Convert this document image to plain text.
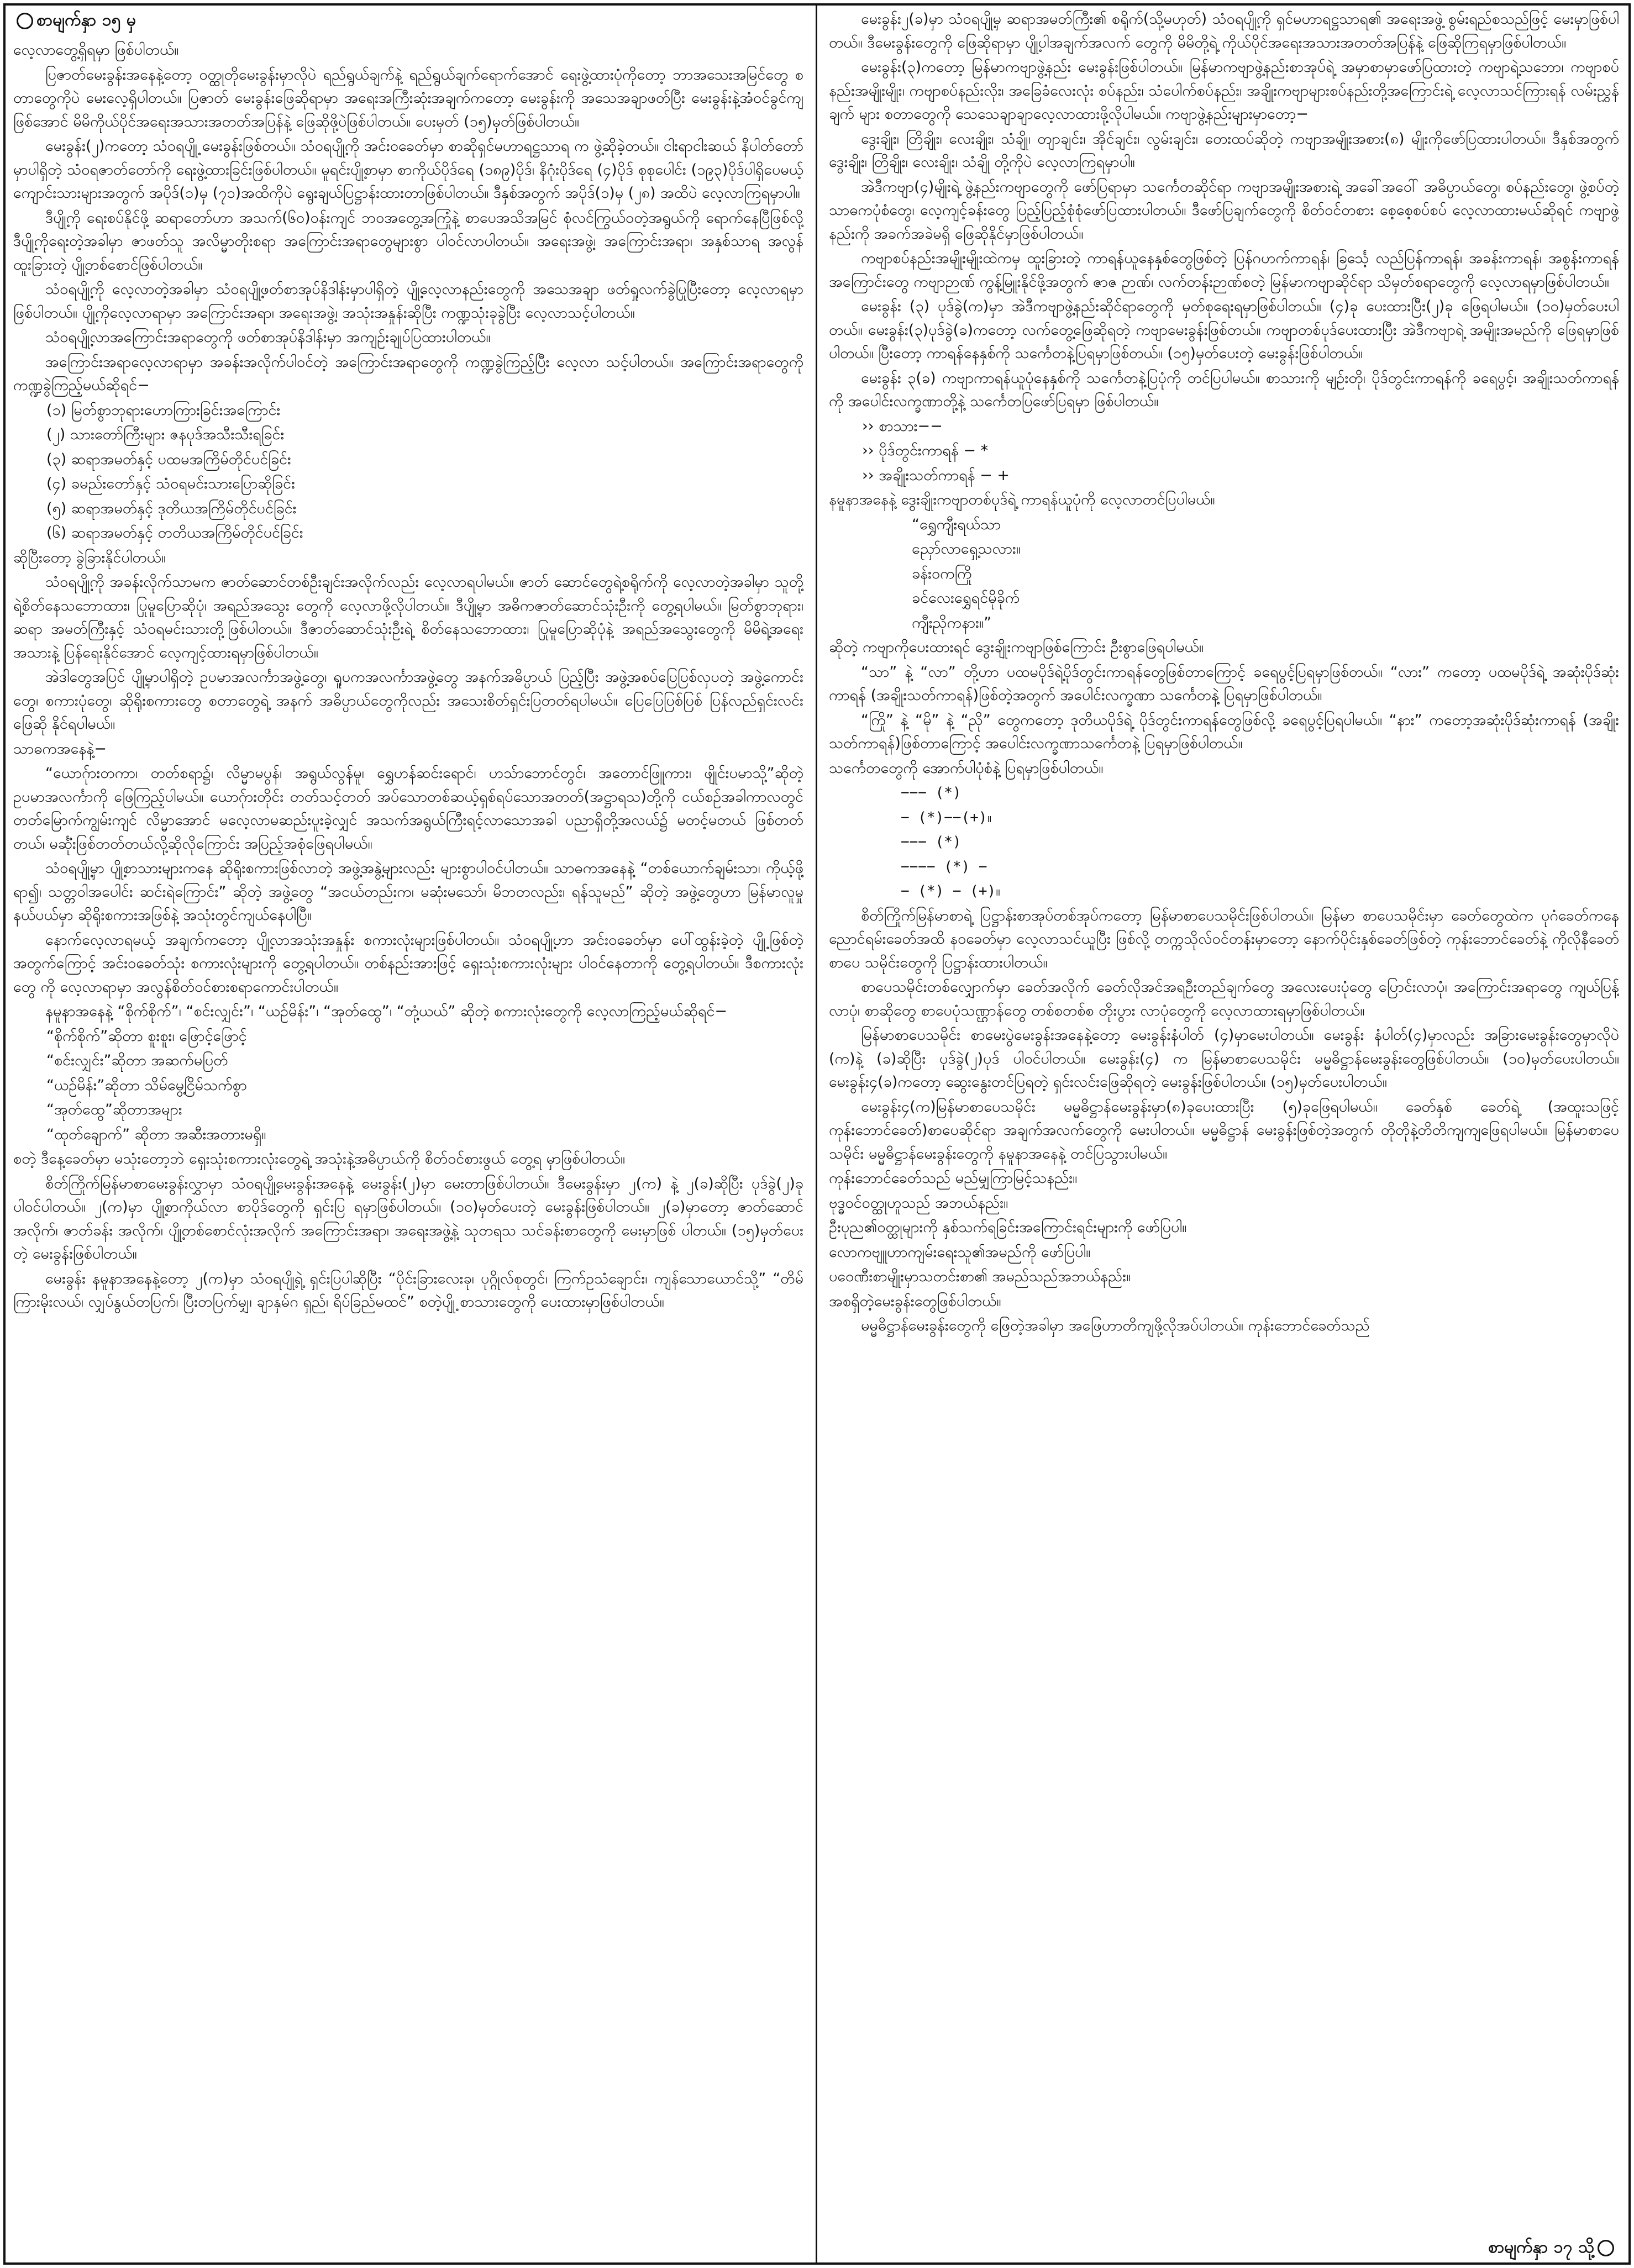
စာမျက်နှာ ၁၅ မှ

လေ့လာတွေ့ရှိရမှာ ဖြစ်ပါတယ်။

ပြဇာတ်မေးခွန်းအနေနဲ့တော့ ဝတ္ထုတိုမေးခွန်းမှာလိုပဲ ရည်ရွယ်ချက်နဲ့ ရည်ရွယ်ချက်ရောက်အောင် ရေးဖွဲ့ထားပုံကိုတော့ ဘာအသေးအမြင်တွေ စတာတွေကိုပဲ မေးလေ့ရှိပါတယ်။ ပြဇာတ် မေးခွန်းဖြေဆိုရာမှာ အရေးအကြီးဆုံးအချက်ကတော့ မေးခွန်းကို အသေအချာဖတ်ပြီး မေးခွန်းနဲ့အံဝင်ခွင်ကျ ဖြစ်အောင် မိမိကိုယ်ပိုင်အရေးအသားအတတ်အပြန်နဲ့ ဖြေဆိုဖို့ပဲဖြစ်ပါတယ်။ ပေးမှတ် (၁၅)မှတ်ဖြစ်ပါတယ်။

မေးခွန်း(၂)ကတော့ သံဝရပျို့ မေးခွန်းဖြစ်တယ်။ သံဝရပျို့ကို အင်းဝခေတ်မှာ စာဆိုရှင်မဟာရဋ္ဌသာရ က ဖွဲ့ဆိုခဲ့တယ်။ ငါးရာငါးဆယ် နိပါတ်တော်မှာပါရှိတဲ့ သံဝရဇာတ်တော်ကို ရေးဖွဲ့ထားခြင်းဖြစ်ပါတယ်။ မူရင်းပျို့စာမှာ စာကိုယ်ပိုဒ်ရေ (၁၈၉)ပိုဒ်၊ နိဂုံးပိုဒ်ရေ (၄)ပိုဒ် စုစုပေါင်း (၁၉၃)ပိုဒ်ပါရှိပေမယ့် ကျောင်းသားများအတွက် အပိုဒ်(၁)မှ (၇၁)အထိကိုပဲ ရွေးချယ်ပြဋ္ဌာန်းထားတာဖြစ်ပါတယ်။ ဒီနှစ်အတွက် အပိုဒ်(၁)မှ (၂၈) အထိပဲ လေ့လာကြရမှာပါ။

ဒီပျို့ကို ရေးစပ်နိုင်ဖို့ ဆရာတော်ဟာ အသက်(၆၀)ဝန်းကျင် ဘဝအတွေ့အကြုံနဲ့ စာပေအသိအမြင် စုံလင်ကြွယ်ဝတဲ့အရွယ်ကို ရောက်နေပြီဖြစ်လို့ ဒီပျို့ကိုရေးတဲ့အခါမှာ ဇာဖတ်သူ အလိမ္မာတိုးစရာ အကြောင်းအရာတွေများစွာ ပါဝင်လာပါတယ်။ အရေးအဖွဲ့၊ အကြောင်းအရာ၊ အနှစ်သာရ အလွန်ထူးခြားတဲ့ ပျို့တစ်စောင်ဖြစ်ပါတယ်။

သံဝရပျို့ကို လေ့လာတဲ့အခါမှာ သံဝရပျို့ဖတ်စာအုပ်နိဒါန်းမှာပါရှိတဲ့ ပျို့လေ့လာနည်းတွေကို အသေအချာ ဖတ်ရှုလက်ခွဲပြုပြီးတော့ လေ့လာရမှာဖြစ်ပါတယ်။ ပျို့ကိုလေ့လာရာမှာ အကြောင်းအရာ၊ အရေးအဖွဲ့၊ အသုံးအနှုန်းဆိုပြီး ကဏ္ဍသုံးခုခွဲပြီး လေ့လာသင့်ပါတယ်။

သံဝရပျို့လာအကြောင်းအရာတွေကို ဖတ်စာအုပ်နိဒါန်းမှာ အကျဉ်းချုပ်ပြထားပါတယ်။

အကြောင်းအရာလေ့လာရာမှာ အခန်းအလိုက်ပါဝင်တဲ့ အကြောင်းအရာတွေကို ကဏ္ဍခွဲကြည့်ပြီး လေ့လာ သင့်ပါတယ်။ အကြောင်းအရာတွေကို ကဏ္ဍခွဲကြည့်မယ်ဆိုရင်−

(၁) မြတ်စွာဘုရားဟောကြားခြင်းအကြောင်း

(၂) သားတော်ကြီးများ ဇနပုဒ်အသီးသီးရခြင်း

(၃) ဆရာအမတ်နှင့် ပထမအကြိမ်တိုင်ပင်ခြင်း

(၄) ခမည်းတော်နှင့် သံဝရမင်းသားပြောဆိုခြင်း

(၅) ဆရာအမတ်နှင့် ဒုတိယအကြိမ်တိုင်ပင်ခြင်း

(၆) ဆရာအမတ်နှင့် တတိယအကြိမ်တိုင်ပင်ခြင်း

ဆိုပြီးတော့ ခွဲခြားနိုင်ပါတယ်။

သံဝရပျို့ကို အခန်းလိုက်သာမက ဇာတ်ဆောင်တစ်ဦးချင်းအလိုက်လည်း လေ့လာရပါမယ်။ ဇာတ် ဆောင်တွေရဲ့စရိုက်ကို လေ့လာတဲ့အခါမှာ သူတို့ရဲ့စိတ်နေသဘောထား၊ ပြုမူပြောဆိုပုံ၊ အရည်အသွေး တွေကို လေ့လာဖို့လိုပါတယ်။ ဒီပျို့မှာ အဓိကဇာတ်ဆောင်သုံးဦးကို တွေ့ရပါမယ်။ မြတ်စွာဘုရား၊ ဆရာ အမတ်ကြီးနှင့် သံဝရမင်းသားတို့ဖြစ်ပါတယ်။ ဒီဇာတ်ဆောင်သုံးဦးရဲ့ စိတ်နေသဘောထား၊ ပြုမူပြောဆိုပုံနဲ့ အရည်အသွေးတွေကို မိမိရဲ့အရေးအသားနဲ့ ပြန်ရေးနိုင်အောင် လေ့ကျင့်ထားရမှာဖြစ်ပါတယ်။

အဲဒါတွေအပြင် ပျို့မှာပါရှိတဲ့ ဥပမာအလင်္ကာအဖွဲ့တွေ၊ ရူပကအလင်္ကာအဖွဲ့တွေ အနက်အဓိပ္ပာယ် ပြည့်ပြီး အဖွဲ့အစပ်ပြေပြစ်လှပတဲ့ အဖွဲ့ကောင်းတွေ၊ စကားပုံတွေ၊ ဆိုရိုးစကားတွေ စတာတွေရဲ့ အနက် အဓိပ္ပာယ်တွေကိုလည်း အသေးစိတ်ရှင်းပြတတ်ရပါမယ်။ ပြေပြေပြစ်ပြစ် ပြန်လည်ရှင်းလင်း ဖြေဆို နိုင်ရပါမယ်။

သာဓကအနေနဲ့−

“ယောဂ်ုားတကာ၊ တတ်စရာ၌၊ လိမ္မာမပွန်၊ အရွယ်လွန်မူ၊ ရွှေဟန်ဆင်းရောင်၊ ဟသ်ာဘောင်တွင်၊ အတောင်ဖြူကား၊ ဖျိုင်းပမာသို့”ဆိုတဲ့ ဥပမာအလင်္ကာကို ဖြေကြည့်ပါမယ်။ ယောဂ်ုားတိုင်း တတ်သင့်တတ် အပ်သောတစ်ဆယ့်ရှစ်ရပ်သောအတတ်(အဋ္ဌာရသ)တို့ကို ငယ်စဉ်အခါကာလတွင် တတ်မြောက်ကျွမ်းကျင် လိမ္မာအောင် မလေ့လာမဆည်းပူးခဲ့လျှင် အသက်အရွယ်ကြီးရင့်လာသောအခါ ပညာရှိတို့အလယ်၌ မတင့်မတယ် ဖြစ်တတ်တယ်၊ မင်္ဆုံးဖြစ်တတ်တယ်လို့ဆိုလိုကြောင်း အပြည့်အစုံဖြေရပါမယ်။

သံဝရပျို့မှာ ပျို့စာသားများကနေ ဆိုရိုးစကားဖြစ်လာတဲ့ အဖွဲ့အနွဲ့များလည်း များစွာပါဝင်ပါတယ်။ သာဓကအနေနဲ့ “တစ်ယောက်ချမ်းသာ၊ ကိုယ့်ဖို့ရာ၍၊ သတ္တဝါအပေါင်း ဆင်းရဲကြောင်း” ဆိုတဲ့ အဖွဲ့တွေ “အငယ်တည်းက၊ မဆုံးမသော်၊ မိဘတလည်း၊ ရန်သူမည်” ဆိုတဲ့ အဖွဲ့တွေဟာ မြန်မာလူမှုနယ်ပယ်မှာ ဆိုရိုးစကားအဖြစ်နဲ့ အသုံးတွင်ကျယ်နေပါပြီ။

နောက်လေ့လာရမယ့် အချက်ကတော့ ပျို့လာအသုံးအနှုန်း စကားလုံးများဖြစ်ပါတယ်။ သံဝရပျို့ဟာ အင်းဝခေတ်မှာ ပေါ်ထွန်းခဲ့တဲ့ ပျို့ဖြစ်တဲ့အတွက်ကြောင့် အင်းဝခေတ်သုံး စကားလုံးများကို တွေ့ရပါတယ်။ တစ်နည်းအားဖြင့် ရှေးသုံးစကားလုံးများ ပါဝင်နေတာကို တွေ့ရပါတယ်။ ဒီစကားလုံးတွေ ကို လေ့လာရာမှာ အလွန်စိတ်ဝင်စားစရာကောင်းပါတယ်။

နမူနာအနေနဲ့ “စိုက်စိုက်”၊ “စင်းလျှင်း”၊ “ယဉ်မိန်း”၊ “အုတ်ထွေ”၊ “တုံ့ယယ်” ဆိုတဲ့ စကားလုံးတွေကို လေ့လာကြည့်မယ်ဆိုရင်−

“စိုက်စိုက်”ဆိုတာ စူးစူး၊ ဖြောင့်ဖြောင့်

“စင်းလျှင်း”ဆိုတာ အဆက်မပြတ်

“ယဉ်မိန်း”ဆိုတာ သိမ်မွေ့ငြိမ်သက်စွာ

“အုတ်ထွေ”ဆိုတာအများ

“ထုတ်ချောက်” ဆိုတာ အဆီးအတားမရှိ။

စတဲ့ ဒီနေ့ခေတ်မှာ မသုံးတော့ဘဲ ရှေးသုံးစကားလုံးတွေရဲ့ အသုံးနဲ့အဓိပ္ပာယ်ကို စိတ်ဝင်စားဖွယ် တွေ့ရ မှာဖြစ်ပါတယ်။

စိတ်ကြိုက်မြန်မာစာမေးခွန်းလွှာမှာ သံဝရပျို့မေးခွန်းအနေနဲ့ မေးခွန်း(၂)မှာ မေးတာဖြစ်ပါတယ်။ ဒီမေးခွန်းမှာ ၂(က) နဲ့ ၂(ခ)ဆိုပြီး ပုဒ်ခွဲ(၂)ခု ပါဝင်ပါတယ်။ ၂(က)မှာ ပျို့စာကိုယ်လာ စာပိုဒ်တွေကို ရှင်းပြ ရမှာဖြစ်ပါတယ်။ (၁၀)မှတ်ပေးတဲ့ မေးခွန်းဖြစ်ပါတယ်။ ၂(ခ)မှာတော့ ဇာတ်ဆောင်အလိုက်၊ ဇာတ်ခန်း အလိုက်၊ ပျို့တစ်စောင်လုံးအလိုက် အကြောင်းအရာ၊ အရေးအဖွဲ့နဲ့ သုတရသ သင်ခန်းစာတွေကို မေးမှာဖြစ် ပါတယ်။ (၁၅)မှတ်ပေးတဲ့ မေးခွန်းဖြစ်ပါတယ်။

မေးခွန်း နမူနာအနေနဲ့တော့ ၂(က)မှာ သံဝရပျို့ရဲ့ ရှင်းပြပါဆိုပြီး “ပိုင်းခြားလေးခု၊ ပုဂ္ဂိုလ်စုတွင်၊ ကြက်ဥသံချောင်း၊ ကျန်သောယောင်သို့” “တိမ်ကြားမိုးလယ်၊ လျှပ်နွယ်တပြက်၊ ပြီးတပြက်မျှ၊ ချာနှမ်ဂ ရှည်၊ ရိပ်ခြည်မထင်” စတဲ့ပျို့ စာသားတွေကို ပေးထားမှာဖြစ်ပါတယ်။

မေးခွန်း၂(ခ)မှာ သံဝရပျို့မှ ဆရာအမတ်ကြီး၏ စရိုက်(သို့မဟုတ်) သံဝရပျို့ကို ရှင်မဟာရဋ္ဌသာရ၏ အရေးအဖွဲ့ စွမ်းရည်စသည်ဖြင့် မေးမှာဖြစ်ပါတယ်။ ဒီမေးခွန်းတွေကို ဖြေဆိုရာမှာ ပျို့ပါအချက်အလက် တွေကို မိမိတို့ရဲ့ ကိုယ်ပိုင်အရေးအသားအတတ်အပြန်နဲ့ ဖြေဆိုကြရမှာဖြစ်ပါတယ်။

မေးခွန်း(၃)ကတော့ မြန်မာကဗျာဖွဲ့နည်း မေးခွန်းဖြစ်ပါတယ်။ မြန်မာကဗျာဖွဲ့နည်းစာအုပ်ရဲ့ အမှာစာမှာဖော်ပြထားတဲ့ ကဗျာရဲ့သဘော၊ ကဗျာစပ်နည်းအမျိုးမျိုး၊ ကဗျာစပ်နည်းလိုး၊ အခြေခံလေးလုံး စပ်နည်း၊ သံပေါက်စပ်နည်း၊ အချိုးကဗျာများစပ်နည်းတို့အကြောင်းရဲ့ လေ့လာသင်ကြားရန် လမ်းညွှန်ချက် များ စတာတွေကို သေသေချာချာလေ့လာထားဖို့လိုပါမယ်။ ကဗျာဖွဲ့နည်းများမှာတော့−

ဒွေးချိုး၊ တြိချိုး၊ လေးချိုး၊ သံချို၊ တျာချင်း၊ အိုင်ချင်း၊ လွမ်းချင်း၊ တေးထပ်ဆိုတဲ့ ကဗျာအမျိုးအစား(၈) မျိုးကိုဖော်ပြထားပါတယ်။ ဒီနှစ်အတွက် ဒွေးချိုး၊ တြိချိုး၊ လေးချိုး၊ သံချို တို့ကိုပဲ လေ့လာကြရမှာပါ။

အဲဒီကဗျာ(၄)မျိုးရဲ့ ဖွဲ့နည်းကဗျာတွေကို ဖော်ပြရာမှာ သင်္ကေတဆိုင်ရာ ကဗျာအမျိုးအစားရဲ့ အခေါ်အဝေါ် အဓိပ္ပာယ်တွေ၊ စပ်နည်းတွေ၊ ဖွဲ့စပ်တဲ့သာဓကပုံစံတွေ၊ လေ့ကျင့်ခန်းတွေ ပြည့်ပြည့်စုံစုံဖော်ပြထားပါတယ်။ ဒီဖော်ပြချက်တွေကို စိတ်ဝင်တစား စေ့စေ့စပ်စပ် လေ့လာထားမယ်ဆိုရင် ကဗျာဖွဲ့နည်းကို အခက်အခဲမရှိ ဖြေဆိုနိုင်မှာဖြစ်ပါတယ်။

ကဗျာစပ်နည်းအမျိုးမျိုးထဲကမှ ထူးခြားတဲ့ ကာရန်ယူနေနှစ်တွေဖြစ်တဲ့ ပြန်ဂဟက်ကာရန်၊ ခြင်္သေ့ လည်ပြန်ကာရန်၊ အခန်းကာရန်၊ အစွန်းကာရန်အကြောင်းတွေ ကဗျာဉာဏ် ကွန့်မြူးနိုင်ဖို့အတွက် ဇာဇ ဉာဏ်၊ လက်တန်းဉာဏ်စတဲ့ မြန်မာကဗျာဆိုင်ရာ သိမှတ်စရာတွေကို လေ့လာရမှာဖြစ်ပါတယ်။

မေးခွန်း (၃) ပုဒ်ခွဲ(က)မှာ အဲဒီကဗျာဖွဲ့နည်းဆိုင်ရာတွေကို မှတ်စုရေးရမှာဖြစ်ပါတယ်။ (၄)ခု ပေးထားပြီး(၂)ခု ဖြေရပါမယ်။ (၁၀)မှတ်ပေးပါတယ်။ မေးခွန်း(၃)ပုဒ်ခွဲ(ခ)ကတော့ လက်တွေ့ဖြေဆိုရတဲ့ ကဗျာမေးခွန်းဖြစ်တယ်။ ကဗျာတစ်ပုဒ်ပေးထားပြီး အဲဒီကဗျာရဲ့ အမျိုးအမည်ကို ဖြေရမှာဖြစ်ပါတယ်။ ပြီးတော့ ကာရန်နေနှစ်ကို သင်္ကေတနဲ့ပြရမှာဖြစ်တယ်။ (၁၅)မှတ်ပေးတဲ့ မေးခွန်းဖြစ်ပါတယ်။

မေးခွန်း ၃(ခ) ကဗျာကာရန်ယူပုံနေနှစ်ကို သင်္ကေတနဲ့ပြပုံကို တင်ပြပါမယ်။ စာသားကို မျဉ်းတို၊ ပိုဒ်တွင်းကာရန်ကို ခရေပွင့်၊ အချိုးသတ်ကာရန်ကို အပေါင်းလက္ခဏာတို့နဲ့ သင်္ကေတပြဖော်ပြရမှာ ဖြစ်ပါတယ်။

›› စာသား−−

›› ပိုဒ်တွင်းကာရန် − *

›› အချိုးသတ်ကာရန် − +

နမူနာအနေနဲ့ ဒွေးချိုးကဗျာတစ်ပုဒ်ရဲ့ ကာရန်ယူပုံကို လေ့လာတင်ပြပါမယ်။

“ရွှေကျီးရယ်သာ

ညှော်လာရှေ့သလား။

ခန်းဝကကြို

ခင်လေးရွှေရင်မိုခိုက်

ကျီးညိုကနား။”

ဆိုတဲ့ ကဗျာကိုပေးထားရင် ဒွေးချိုးကဗျာဖြစ်ကြောင်း ဦးစွာဖြေရပါမယ်။

“သာ” နဲ့ “လာ” တို့ဟာ ပထမပိုဒ်ရဲ့ပိုဒ်တွင်းကာရန်တွေဖြစ်တာကြောင့် ခရေပွင့်ပြရမှာဖြစ်တယ်။ “လား” ကတော့ ပထမပိုဒ်ရဲ့ အဆုံးပိုဒ်ဆုံးကာရန် (အချိုးသတ်ကာရန်)ဖြစ်တဲ့အတွက် အပေါင်းလက္ခဏာ သင်္ကေတနဲ့ ပြရမှာဖြစ်ပါတယ်။

“ကြို” နဲ့ “မို” နဲ့ “ညို” တွေကတော့ ဒုတိယပိုဒ်ရဲ့ ပိုဒ်တွင်းကာရန်တွေဖြစ်လို့ ခရေပွင့်ပြရပါမယ်။ “နား” ကတော့အဆုံးပိုဒ်ဆုံးကာရန် (အချိုးသတ်ကာရန်)ဖြစ်တာကြောင့် အပေါင်းလက္ခဏာသင်္ကေတနဲ့ ပြရမှာဖြစ်ပါတယ်။

သင်္ကေတတွေကို အောက်ပါပုံစံနဲ့ ပြရမှာဖြစ်ပါတယ်။

−−− (*)

− (*)−−(+)။

−−− (*)

−−−− (*) −

− (*) − (+)။

စိတ်ကြိုက်မြန်မာစာရဲ့ ပြဋ္ဌာန်းစာအုပ်တစ်အုပ်ကတော့ မြန်မာစာပေသမိုင်းဖြစ်ပါတယ်။ မြန်မာ စာပေသမိုင်းမှာ ခေတ်တွေထဲက ပုဂံခေတ်ကနေ ညောင်ရမ်းခေတ်အထိ နဝခေတ်မှာ လေ့လာသင်ယူပြီး ဖြစ်လို့ တက္ကသိုလ်ဝင်တန်းမှာတော့ နောက်ပိုင်းနှစ်ခေတ်ဖြစ်တဲ့ ကုန်းဘောင်ခေတ်နဲ့ ကိုလိုနီခေတ်စာပေ သမိုင်းတွေကို ပြဋ္ဌာန်းထားပါတယ်။

စာပေသမိုင်းတစ်လျှောက်မှာ ခေတ်အလိုက် ခေတ်လိုအင်အရဦးတည်ချက်တွေ အလေးပေးပုံတွေ ပြောင်းလာပုံ၊ အကြောင်းအရာတွေ ကျယ်ပြန့်လာပုံ၊ စာဆိုတွေ စာပေပုံသဏ္ဌာန်တွေ တစ်စတစ်စ တိုးပွား လာပုံတွေကို လေ့လာထားရမှာဖြစ်ပါတယ်။

မြန်မာစာပေသမိုင်း စာမေးပွဲမေးခွန်းအနေနဲ့တော့ မေးခွန်းနံပါတ် (၄)မှာမေးပါတယ်။ မေးခွန်း နံပါတ်(၄)မှာလည်း အခြားမေးခွန်းတွေမှာလိုပဲ (က)နဲ့ (ခ)ဆိုပြီး ပုဒ်ခွဲ(၂)ပုဒ် ပါဝင်ပါတယ်။ မေးခွန်း(၄) က မြန်မာစာပေသမိုင်း မမ္မဓိဋ္ဌာန်မေးခွန်းတွေဖြစ်ပါတယ်။ (၁၀)မှတ်ပေးပါတယ်။ မေးခွန်း၄(ခ)ကတော့ ဆွေးနွေးတင်ပြရတဲ့ ရှင်းလင်းဖြေဆိုရတဲ့ မေးခွန်းဖြစ်ပါတယ်။ (၁၅)မှတ်ပေးပါတယ်။

မေးခွန်း၄(က)မြန်မာစာပေသမိုင်း မမ္မဓိဋ္ဌာန်မေးခွန်းမှာ(၈)ခုပေးထားပြီး (၅)ခုဖြေရပါမယ်။ ခေတ်နှစ် ခေတ်ရဲ့ (အထူးသဖြင့် ကုန်းဘောင်ခေတ်)စာပေဆိုင်ရာ အချက်အလက်တွေကို မေးပါတယ်။ မမ္မဓိဋ္ဌာန် မေးခွန်းဖြစ်တဲ့အတွက် တိုတိုနဲ့တိတိကျကျဖြေရပါမယ်။ မြန်မာစာပေသမိုင်း မမ္မဓိဋ္ဌာန်မေးခွန်းတွေကို နမူနာအနေနဲ့ တင်ပြသွားပါမယ်။

ကုန်းဘောင်ခေတ်သည် မည်မျှကြာမြင့်သနည်း။

ဗုဒ္ဓဝင်ဝတ္ထုဟူသည် အဘယ်နည်း။

ဦးပုည၏ဝတ္ထုများကို နှစ်သက်ရခြင်းအကြောင်းရင်းများကို ဖော်ပြပါ။

လောကဗျူဟာကျမ်းရေးသူ၏အမည်ကို ဖော်ပြပါ။

ပဝေဏီးစာမျိုးမှာသတင်းစာ၏ အမည်သည်အဘယ်နည်း။

အစရှိတဲ့မေးခွန်းတွေဖြစ်ပါတယ်။

မမ္မဓိဋ္ဌာန်မေးခွန်းတွေကို ဖြေတဲ့အခါမှာ အဖြေဟာတိကျဖို့လိုအပ်ပါတယ်။ ကုန်းဘောင်ခေတ်သည်

စာမျက်နှာ ၁၇ သို့
